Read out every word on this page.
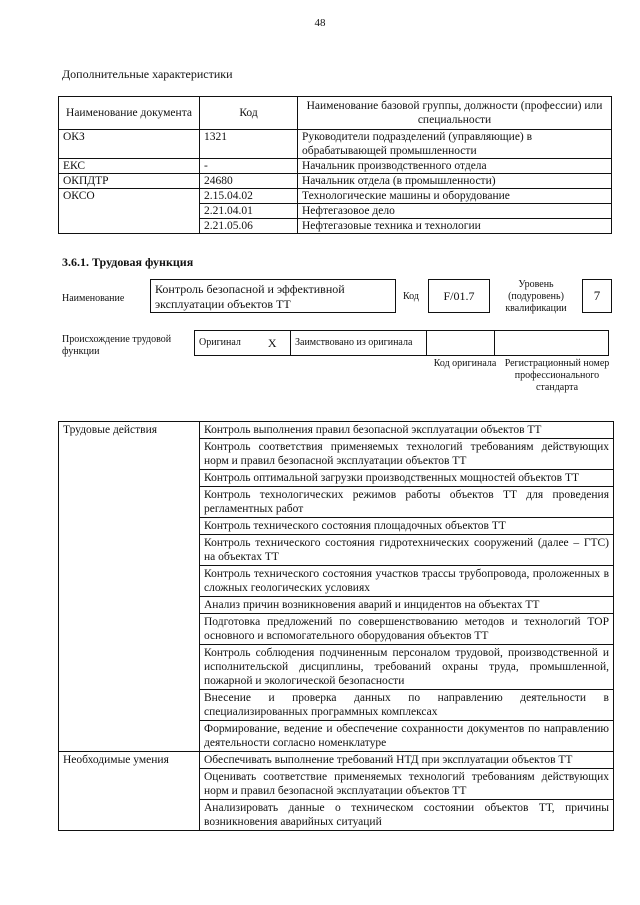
48
Дополнительные характеристики
Наименование документа	Код	Наименование базовой группы, должности (профессии) или специальности
ОКЗ	1321	Руководители подразделений (управляющие) в обрабатывающей промышленности
ЕКС	-	Начальник производственного отдела
ОКПДТР	24680	Начальник отдела (в промышленности)
ОКСО	2.15.04.02	Технологические машины и оборудование
	2.21.04.01	Нефтегазовое дело
	2.21.05.06	Нефтегазовые техника и технологии
3.6.1. Трудовая функция
Наименование
Контроль безопасной и эффективной эксплуатации объектов ТТ
Код	F/01.7
Уровень (подуровень) квалификации
7
Происхождение трудовой функции
Оригинал	X	Заимствовано из оригинала		
Код оригинала Регистрационный номер профессионального стандарта
Трудовые действия	Контроль выполнения правил безопасной эксплуатации объектов ТТ
	Контроль соответствия применяемых технологий требованиям действующих норм и правил безопасной эксплуатации объектов ТТ
	Контроль оптимальной загрузки производственных мощностей объектов ТТ
	Контроль технологических режимов работы объектов ТТ для проведения регламентных работ
	Контроль технического состояния площадочных объектов ТТ
	Контроль технического состояния гидротехнических сооружений (далее – ГТС) на объектах ТТ
	Контроль технического состояния участков трассы трубопровода, проложенных в сложных геологических условиях
	Анализ причин возникновения аварий и инцидентов на объектах ТТ
	Подготовка предложений по совершенствованию методов и технологий ТОР основного и вспомогательного оборудования объектов ТТ
	Контроль соблюдения подчиненным персоналом трудовой, производственной и исполнительской дисциплины, требований охраны труда, промышленной, пожарной и экологической безопасности
	Внесение и проверка данных по направлению деятельности в специализированных программных комплексах
	Формирование, ведение и обеспечение сохранности документов по направлению деятельности согласно номенклатуре
Необходимые умения	Обеспечивать выполнение требований НТД при эксплуатации объектов ТТ
	Оценивать соответствие применяемых технологий требованиям действующих норм и правил безопасной эксплуатации объектов ТТ
	Анализировать данные о техническом состоянии объектов ТТ, причины возникновения аварийных ситуаций
